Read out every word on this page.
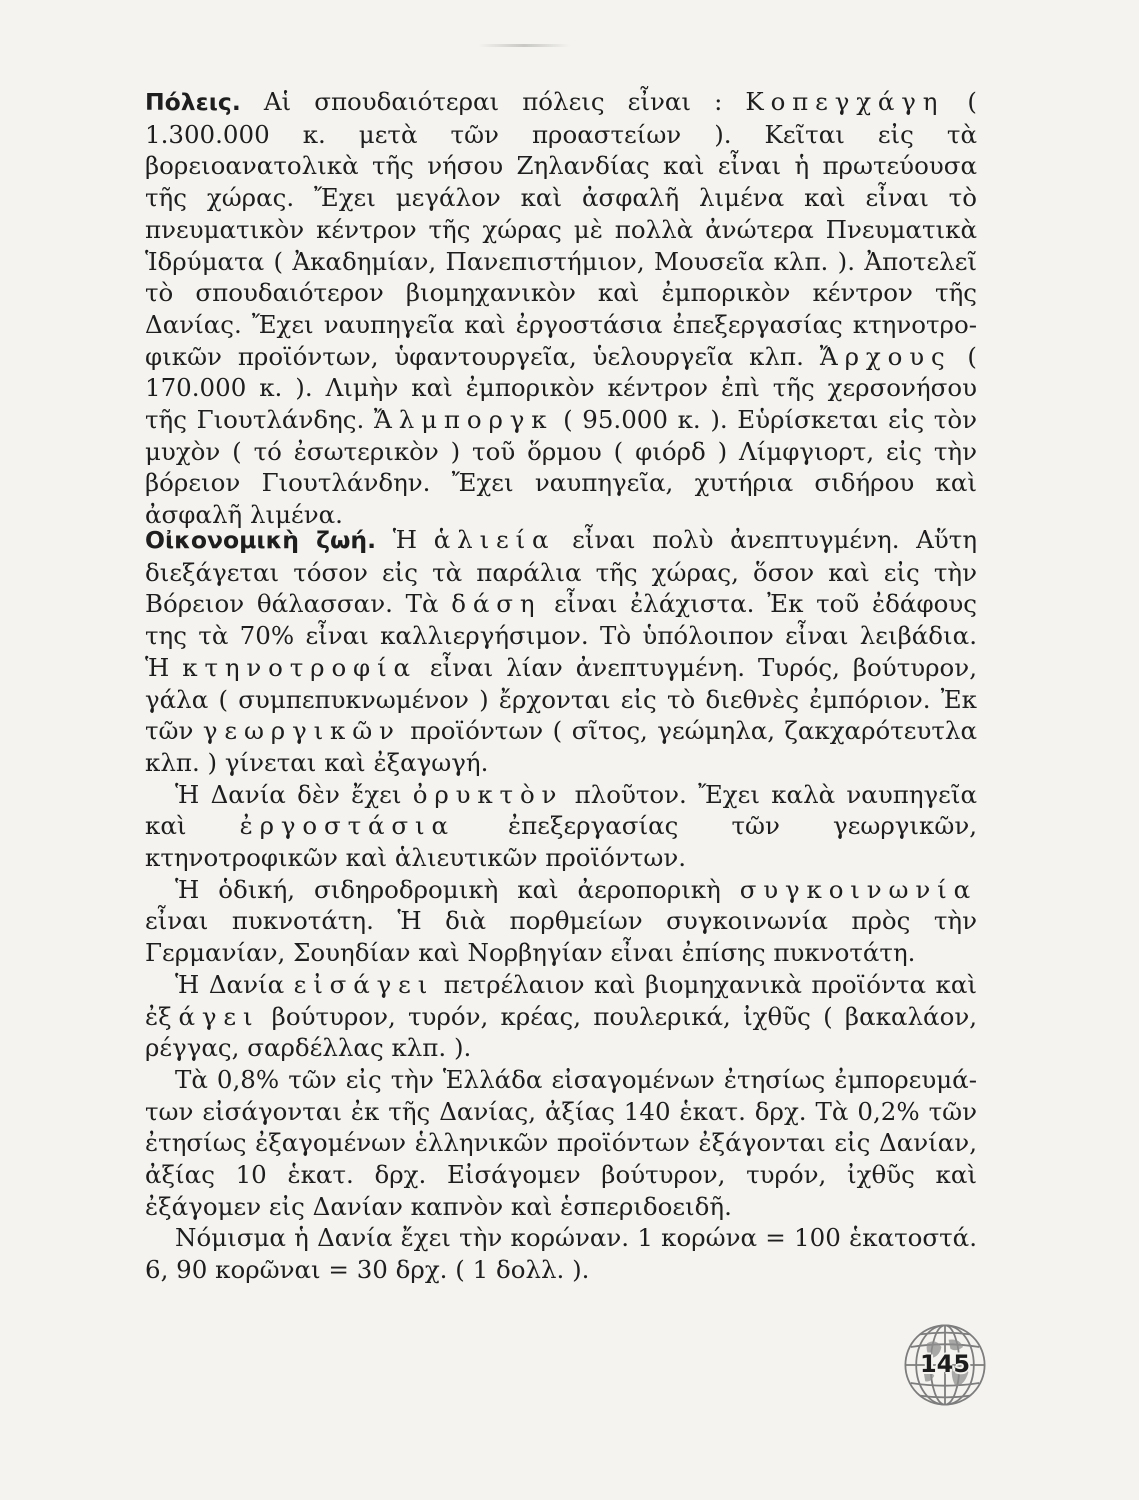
Πόλεις. Αἱ σπουδαιότεραι πόλεις εἶναι : Κοπεγχάγη ( 1.300.000 κ. μετὰ τῶν προαστείων ). Κεῖται εἰς τὰ βορειοανατολικὰ τῆς νήσου Ζηλανδίας καὶ εἶναι ἡ πρωτεύουσα τῆς χώρας. Ἔχει μεγάλον καὶ ἀσφαλῆ λιμένα καὶ εἶναι τὸ πνευματικὸν κέντρον τῆς χώρας μὲ πολλὰ ἀνώτερα Πνευματικὰ Ἱδρύματα ( Ἀκαδημίαν, Πανεπιστήμιον, Μουσεῖα κλπ. ). Ἀποτελεῖ τὸ σπουδαιότερον βιομηχανικὸν καὶ ἐμπορικὸν κέντρον τῆς Δανίας. Ἔχει ναυπηγεῖα καὶ ἐργοστάσια ἐπεξεργασίας κτηνοτροφικῶν προϊόντων, ὑφαντουργεῖα, ὑελουργεῖα κλπ. Ἄρχους ( 170.000 κ. ). Λιμὴν καὶ ἐμπορικὸν κέντρον ἐπὶ τῆς χερσονήσου τῆς Γιουτλάνδης. Ἄλμποργκ ( 95.000 κ. ). Εὑρίσκεται εἰς τὸν μυχὸν ( τό ἐσωτερικὸν ) τοῦ ὅρμου ( φιόρδ ) Λίμφγιορτ, εἰς τὴν βόρειον Γιουτλάνδην. Ἔχει ναυπηγεῖα, χυτήρια σιδήρου καὶ ἀσφαλῆ λιμένα.

Οἰκονομικὴ ζωή. Ἡ ἁλιεία εἶναι πολὺ ἀνεπτυγμένη. Αὕτη διεξάγεται τόσον εἰς τὰ παράλια τῆς χώρας, ὅσον καὶ εἰς τὴν Βόρειον θάλασσαν. Τὰ δάση εἶναι ἐλάχιστα. Ἐκ τοῦ ἐδάφους της τὰ 70% εἶναι καλλιεργήσιμον. Τὸ ὑπόλοιπον εἶναι λειβάδια. Ἡ κτηνοτροφία εἶναι λίαν ἀνεπτυγμένη. Τυρός, βούτυρον, γάλα ( συμπεπυκνωμένον ) ἔρχονται εἰς τὸ διεθνὲς ἐμπόριον. Ἐκ τῶν γεωργικῶν προϊόντων ( σῖτος, γεώμηλα, ζακχαρότευτλα κλπ. ) γίνεται καὶ ἐξαγωγή.

Ἡ Δανία δὲν ἔχει ὀρυκτὸν πλοῦτον. Ἔχει καλὰ ναυπηγεῖα καὶ ἐργοστάσια ἐπεξεργασίας τῶν γεωργικῶν, κτηνοτροφικῶν καὶ ἁλιευτικῶν προϊόντων.

Ἡ ὁδική, σιδηροδρομικὴ καὶ ἀεροπορικὴ συγκοινωνία εἶναι πυκνοτάτη. Ἡ διὰ πορθμείων συγκοινωνία πρὸς τὴν Γερμανίαν, Σουηδίαν καὶ Νορβηγίαν εἶναι ἐπίσης πυκνοτάτη.

Ἡ Δανία εἰσάγει πετρέλαιον καὶ βιομηχανικὰ προϊόντα καὶ ἐξάγει βούτυρον, τυρόν, κρέας, πουλερικά, ἰχθῦς ( βακαλάον, ρέγγας, σαρδέλλας κλπ. ).

Τὰ 0,8% τῶν εἰς τὴν Ἑλλάδα εἰσαγομένων ἐτησίως ἐμπορευμάτων εἰσάγονται ἐκ τῆς Δανίας, ἀξίας 140 ἑκατ. δρχ. Τὰ 0,2% τῶν ἐτησίως ἐξαγομένων ἑλληνικῶν προϊόντων ἐξάγονται εἰς Δανίαν, ἀξίας 10 ἑκατ. δρχ. Εἰσάγομεν βούτυρον, τυρόν, ἰχθῦς καὶ ἐξάγομεν εἰς Δανίαν καπνὸν καὶ ἑσπεριδοειδῆ.

Νόμισμα ἡ Δανία ἔχει τὴν κορώναν. 1 κορώνα = 100 ἑκατοστά. 6, 90 κορῶναι = 30 δρχ. ( 1 δολλ. ).

145
